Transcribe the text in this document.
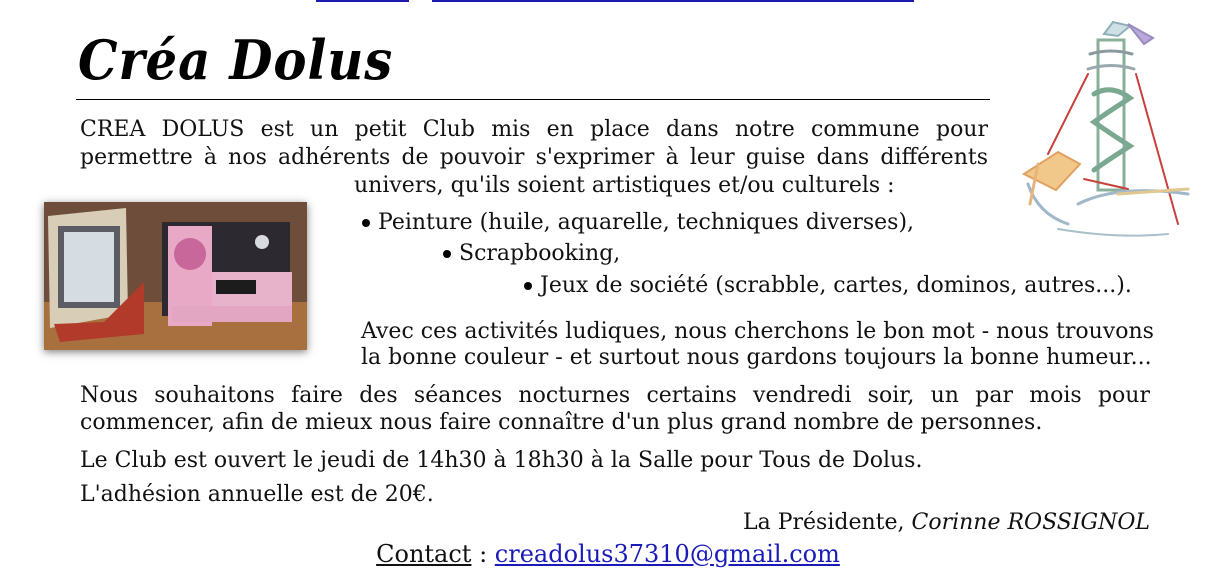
Créa Dolus
CREA DOLUS est un petit Club mis en place dans notre commune pour
permettre à nos adhérents de pouvoir s'exprimer à leur guise dans différents
univers, qu'ils soient artistiques et/ou culturels :
Peinture (huile, aquarelle, techniques diverses),
Scrapbooking,
Jeux de société (scrabble, cartes, dominos, autres...).
Avec ces activités ludiques, nous cherchons le bon mot - nous trouvons
la bonne couleur - et surtout nous gardons toujours la bonne humeur...
Nous souhaitons faire des séances nocturnes certains vendredi soir, un par mois pour
commencer, afin de mieux nous faire connaître d'un plus grand nombre de personnes.
Le Club est ouvert le jeudi de 14h30 à 18h30 à la Salle pour Tous de Dolus.
L'adhésion annuelle est de 20€.
La Présidente, Corinne ROSSIGNOL
Contact : creadolus37310@gmail.com
